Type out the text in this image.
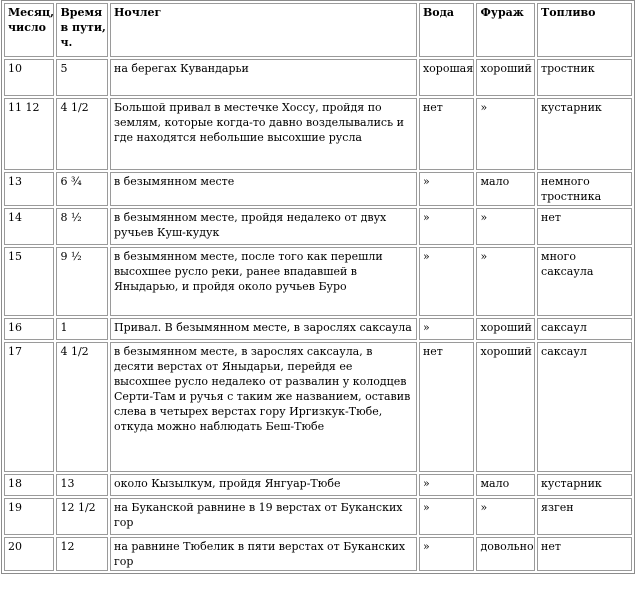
Месяц,
число	Время
в пути,
ч.	Ночлег	Вода	Фураж	Топливо
10	5	на берегах Кувандарьи	хорошая	хороший	тростник
11 12	4 1/2	Большой привал в местечке Хоссу, пройдя по землям, которые когда-то давно возделывались и где находятся небольшие высохшие русла	нет	»	кустарник
13	6 ¾	в безымянном месте	»	мало	немного тростника
14	8 ½	в безымянном месте, пройдя недалеко от двух ручьев Куш-кудук	»	»	нет
15	9 ½	в безымянном месте, после того как перешли высохшее русло реки, ранее впадавшей в Яныдарью, и пройдя около ручьев Буро	»	»	много саксаула
16	1	Привал. В безымянном месте, в зарослях саксаула	»	хороший	саксаул
17	4 1/2	в безымянном месте, в зарослях саксаула, в десяти верстах от Яныдарьи, перейдя ее высохшее русло недалеко от развалин у колодцев Серти-Там и ручья с таким же названием, оставив слева в четырех верстах гору Иргизкук-Тюбе, откуда можно наблюдать Беш-Тюбе	нет	хороший	саксаул
18	13	около Кызылкум, пройдя Янгуар-Тюбе	»	мало	кустарник
19	12 1/2	на Буканской равнине в 19 верстах от Буканских гор	»	»	язген
20	12	на равнине Тюбелик в пяти верстах от Буканских гор	»	довольно	нет
